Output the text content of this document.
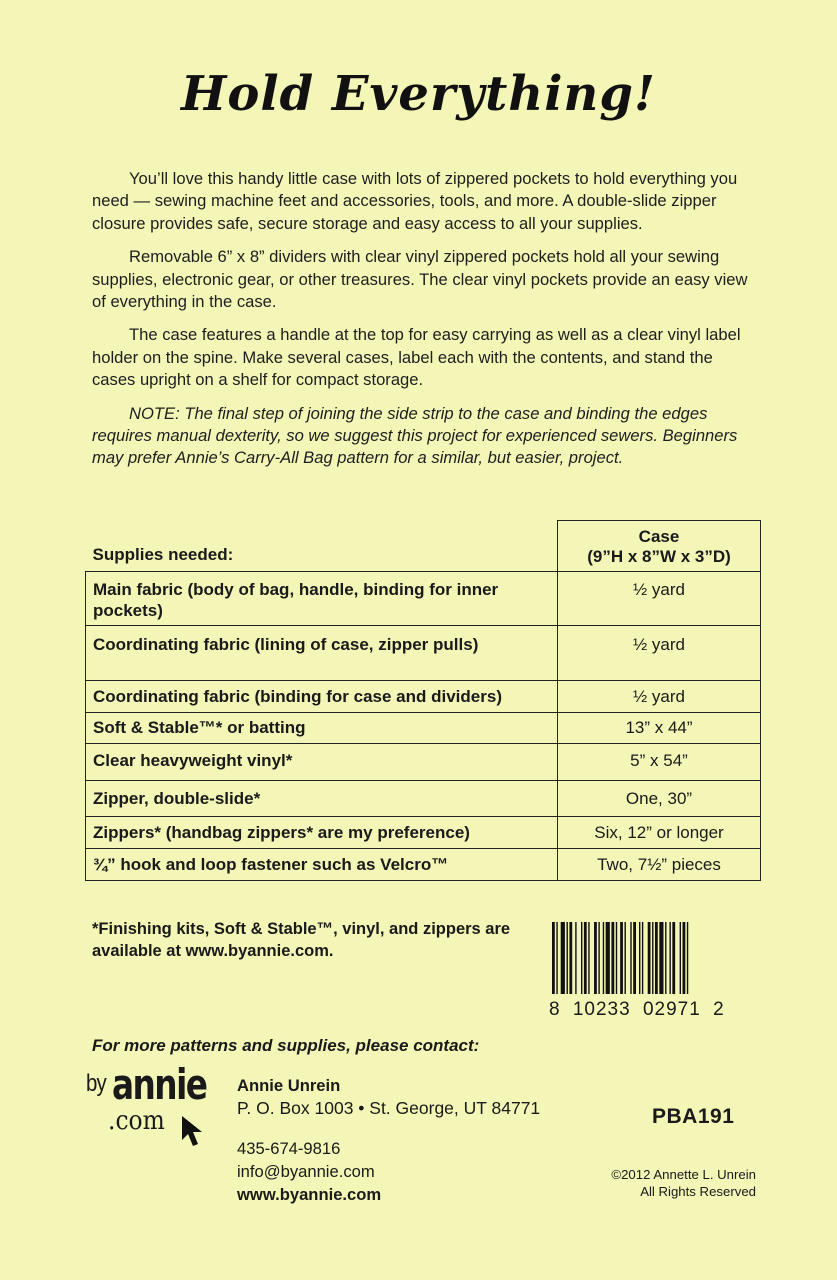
Hold Everything!

You’ll love this handy little case with lots of zippered pockets to hold everything you need — sewing machine feet and accessories, tools, and more. A double-slide zipper closure provides safe, secure storage and easy access to all your supplies.

Removable 6” x 8” dividers with clear vinyl zippered pockets hold all your sewing supplies, electronic gear, or other treasures. The clear vinyl pockets provide an easy view of everything in the case.

The case features a handle at the top for easy carrying as well as a clear vinyl label holder on the spine. Make several cases, label each with the contents, and stand the cases upright on a shelf for compact storage.

NOTE: The final step of joining the side strip to the case and binding the edges requires manual dexterity, so we suggest this project for experienced sewers. Beginners may prefer Annie’s Carry-All Bag pattern for a similar, but easier, project.

Supplies needed:	Case
(9”H x 8”W x 3”D)

Main fabric (body of bag, handle, binding for inner pockets)	½ yard
Coordinating fabric (lining of case, zipper pulls)	½ yard
Coordinating fabric (binding for case and dividers)	½ yard
Soft & Stable™* or batting	13” x 44”
Clear heavyweight vinyl*	5” x 54”
Zipper, double-slide*	One, 30”
Zippers* (handbag zippers* are my preference)	Six, 12” or longer
¾” hook and loop fastener such as Velcro™	Two, 7½” pieces
*Finishing kits, Soft & Stable™, vinyl, and zippers are available at www.byannie.com.
8 10233 02971 2
For more patterns and supplies, please contact:
by annie
.com
Annie Unrein
P. O. Box 1003 • St. George, UT 84771
435-674-9816
info@byannie.com
www.byannie.com
PBA191
©2012 Annette L. Unrein
All Rights Reserved
